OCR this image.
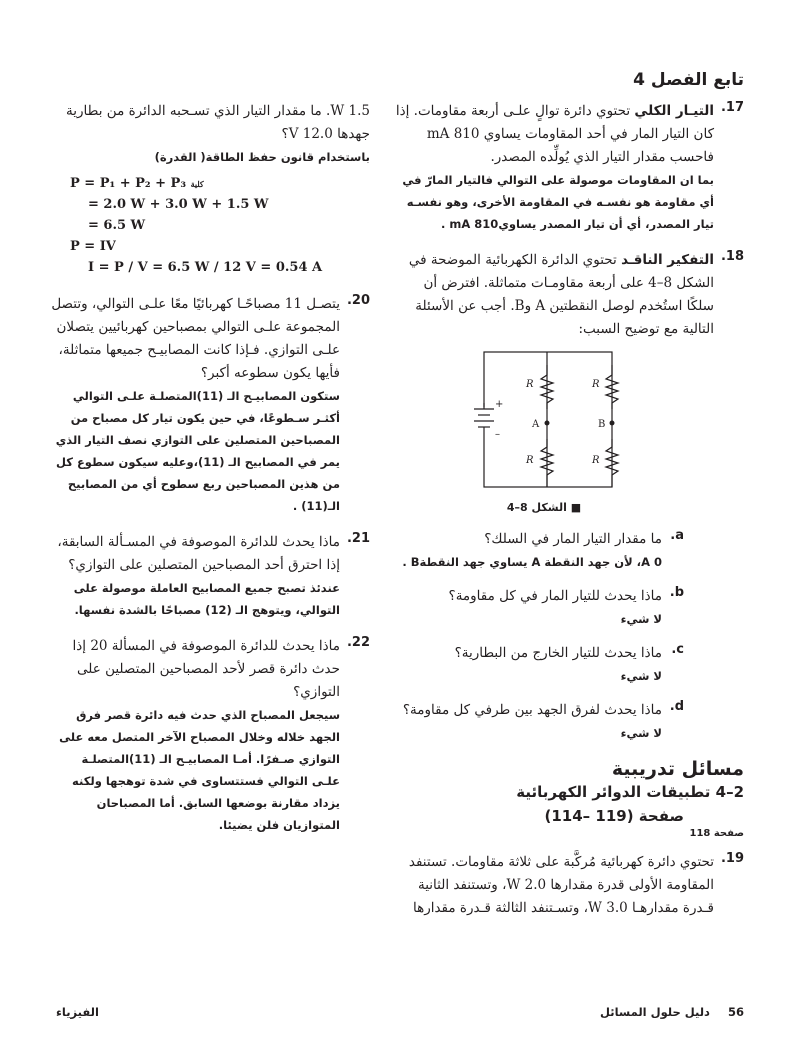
تابع الفصل 4
17.
التيـار الكلي تحتوي دائرة توالٍ علـى أربعة مقاومات. إذا كان التيار المار في أحد المقاومات يساوي 810 mA فاحسب مقدار التيار الذي يُولِّده المصدر.
بما ان المقاومات موصولة على التوالي فالتيار المارّ في أي مقاومة هو نفسـه في المقاومة الأخرى، وهو نفسـه تيار المصدر، أي أن تيار المصدر يساوي810 mA .
18.
التفكير الناقـد تحتوي الدائرة الكهربائية الموضحة في الشكل 8–4 على أربعة مقاومـات متماثلة. افترض أن سلكًا استُخدم لوصل النقطتين A وB. أجب عن الأسئلة التالية مع توضيح السبب:
R
R
R
R
A	B
+
–
■ الشكل 8–4
a.
ما مقدار التيار المار في السلك؟
0 A، لأن جهد النقطة A يساوي جهد النقطةB .
b.
ماذا يحدث للتيار المار في كل مقاومة؟
لا شيء
c.
ماذا يحدث للتيار الخارج من البطارية؟
لا شيء
d.
ماذا يحدث لفرق الجهد بين طرفي كل مقاومة؟
لا شيء
مسائل تدريبية
2–4 تطبيقات الدوائر الكهربائية
صفحة (119 –114)
صفحة 118
19.
تحتوي دائرة كهربائية مُركَّبة على ثلاثة مقاومات. تستنفد المقاومة الأولى قدرة مقدارها 2.0 W، وتستنفد الثانية قـدرة مقدارهـا 3.0 W، وتسـتنفد الثالثة قـدرة مقدارها
1.5 W. ما مقدار التيار الذي تسـحبه الدائرة من بطارية جهدها 12.0 V؟
باستخدام قانون حفظ الطاقة( القدرة)
P = P₁ + P₂ + P₃ كلية
= 2.0 W + 3.0 W + 1.5 W
= 6.5 W
P = IV
I = P / V = 6.5 W / 12 V = 0.54 A
20.
يتصـل 11 مصباحًـا كهربائيًا معًا علـى التوالي، وتتصل المجموعة علـى التوالي بمصباحين كهربائيين يتصلان علـى التوازي. فـإذا كانت المصابيـح جميعها متماثلة، فأيها يكون سطوعه أكبر؟
ستكون المصابيـح الـ (11)المتصلـة علـى التوالي أكثـر سـطوعًا، في حين يكون تيار كل مصباح من المصباحين المتصلين على التوازي نصف التيار الذي يمر في المصابيح الـ (11)،وعليه سيكون سطوع كل من هذين المصباحين ربع سطوح أي من المصابيح الـ(11) .
21.
ماذا يحدث للدائرة الموصوفة في المسـألة السابقة، إذا احترق أحد المصباحين المتصلين على التوازي؟
عندئذ تصبح جميع المصابيح العاملة موصولة على التوالي، ويتوهج الـ (12) مصباحًا بالشدة نفسها.
22.
ماذا يحدث للدائرة الموصوفة في المسألة 20 إذا حدث دائرة قصر لأحد المصباحين المتصلين على التوازي؟
سيجعل المصباح الذي حدث فيه دائرة قصر فرق الجهد خلاله وخلال المصباح الآخر المتصل معه على التوازي صـفرًا. أمـا المصابيـح الـ (11)المتصلـة علـى التوالي فستتساوى في شدة توهجها ولكنه يزداد مقارنة بوضعها السابق. أما المصباحان المتوازيان فلن يضيئا.
56 دليل حلول المسائل
الفيزياء
